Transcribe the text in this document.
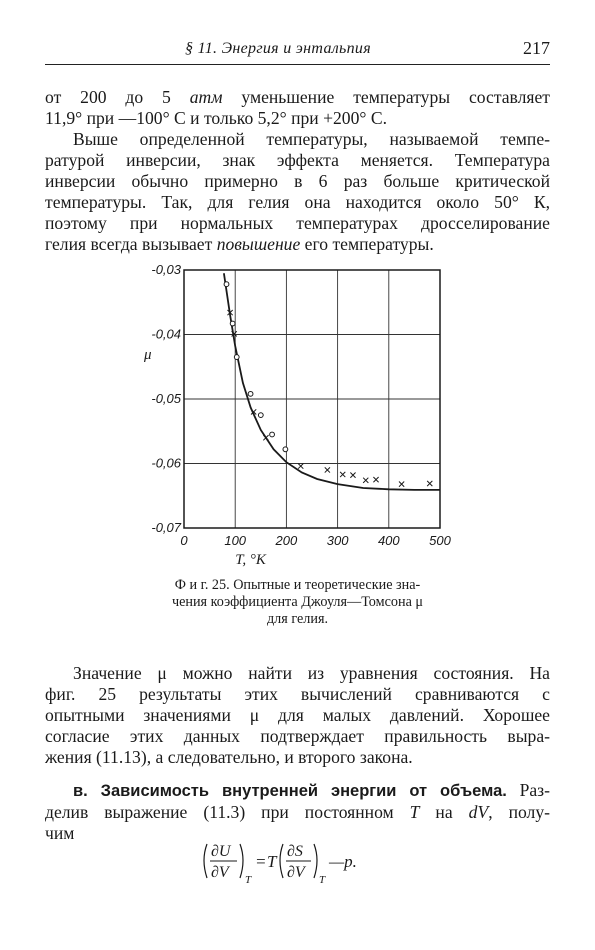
§ 11. Энергия и энтальпия	217
от 200 до 5 атм уменьшение температуры составляет
11,9° при —100° С и только 5,2° при +200° С.
Выше определенной температуры, называемой темпе-
ратурой инверсии, знак эффекта меняется. Температура
инверсии обычно примерно в 6 раз больше критической
температуры. Так, для гелия она находится около 50° К,
поэтому при нормальных температурах дросселирование
гелия всегда вызывает повышение его температуры.
0	100 200 300 400 500
-0,03
-0,04
-0,05
-0,06
-0,07
T, °K
μ
Ф и г. 25. Опытные и теоретические зна-
чения коэффициента Джоуля—Томсона μ
для гелия.
Значение μ можно найти из уравнения состояния. На
фиг. 25 результаты этих вычислений сравниваются с
опытными значениями μ для малых давлений. Хорошее
согласие этих данных подтверждает правильность выра-
жения (11.13), а следовательно, и второго закона.
в. Зависимость внутренней энергии от объема. Раз-
делив выражение (11.3) при постоянном T на dV, полу-
чим
∂U
∂V T
= T
∂S
∂V T
—p.
